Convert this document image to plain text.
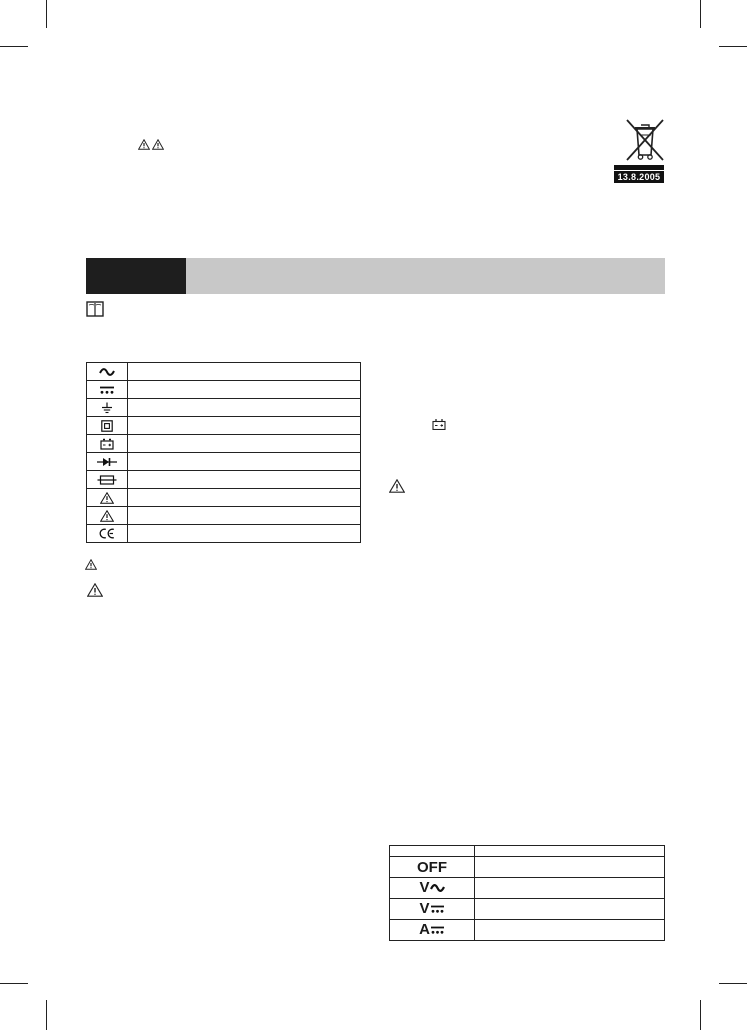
13.8.2005

OFF	
V	
V	
A	
